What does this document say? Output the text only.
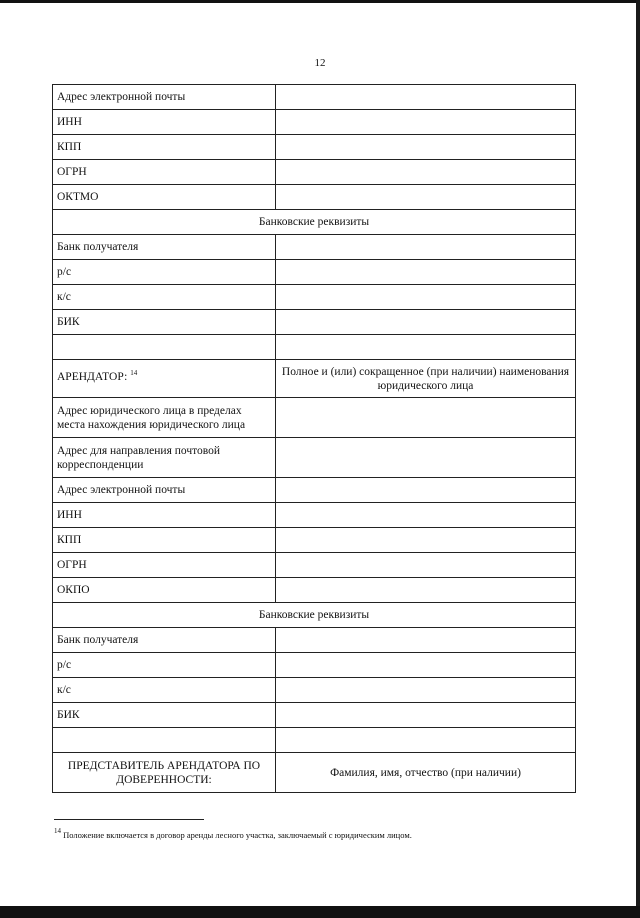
12
Адрес электронной почты	
ИНН	
КПП	
ОГРН	
ОКТМО	
Банковские реквизиты	
Банк получателя	
р/с	
к/с	
БИК	

АРЕНДАТОР: $^{14}$	Полное и (или) сокращенное (при наличии) наименования юридического лица
Адрес юридического лица в пределах места нахождения юридического лица	
Адрес для направления почтовой корреспонденции	
Адрес электронной почты	
ИНН	
КПП	
ОГРН	
ОКПО	
Банковские реквизиты	
Банк получателя	
р/с	
к/с	
БИК	

ПРЕДСТАВИТЕЛЬ АРЕНДАТОРА ПО ДОВЕРЕННОСТИ:	Фамилия, имя, отчество (при наличии)
$^{14}$ Положение включается в договор аренды лесного участка, заключаемый с юридическим лицом.
